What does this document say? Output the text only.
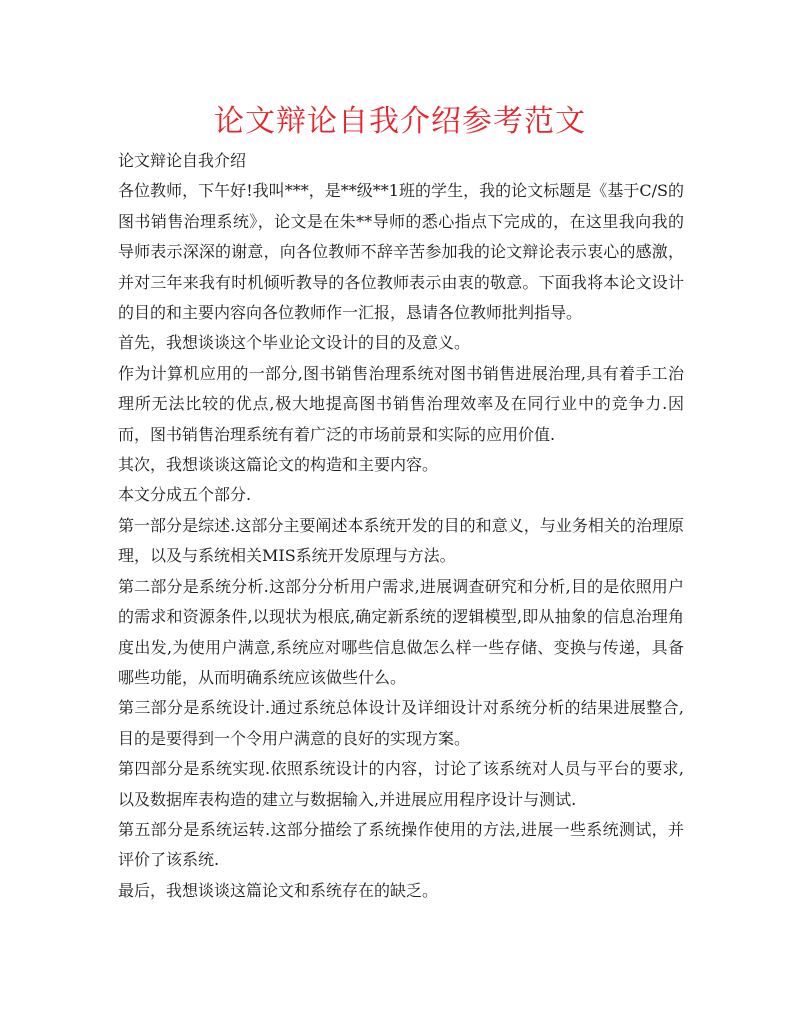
论文辩论自我介绍参考范文

论文辩论自我介绍

各位教师，下午好!我叫***，是**级**1班的学生，我的论文标题是《基于C/S的图书销售治理系统》，论文是在朱**导师的悉心指点下完成的，在这里我向我的导师表示深深的谢意，向各位教师不辞辛苦参加我的论文辩论表示衷心的感激，并对三年来我有时机倾听教导的各位教师表示由衷的敬意。下面我将本论文设计的目的和主要内容向各位教师作一汇报，恳请各位教师批判指导。

首先，我想谈谈这个毕业论文设计的目的及意义。

作为计算机应用的一部分,图书销售治理系统对图书销售进展治理,具有着手工治理所无法比较的优点,极大地提高图书销售治理效率及在同行业中的竞争力.因而，图书销售治理系统有着广泛的市场前景和实际的应用价值.

其次，我想谈谈这篇论文的构造和主要内容。

本文分成五个部分.

第一部分是综述.这部分主要阐述本系统开发的目的和意义，与业务相关的治理原理，以及与系统相关MIS系统开发原理与方法。

第二部分是系统分析.这部分分析用户需求,进展调查研究和分析,目的是依照用户的需求和资源条件,以现状为根底,确定新系统的逻辑模型,即从抽象的信息治理角度出发,为使用户满意,系统应对哪些信息做怎么样一些存储、变换与传递，具备哪些功能，从而明确系统应该做些什么。

第三部分是系统设计.通过系统总体设计及详细设计对系统分析的结果进展整合,目的是要得到一个令用户满意的良好的实现方案。

第四部分是系统实现.依照系统设计的内容，讨论了该系统对人员与平台的要求,以及数据库表构造的建立与数据输入,并进展应用程序设计与测试.

第五部分是系统运转.这部分描绘了系统操作使用的方法,进展一些系统测试，并评价了该系统.

最后，我想谈谈这篇论文和系统存在的缺乏。
